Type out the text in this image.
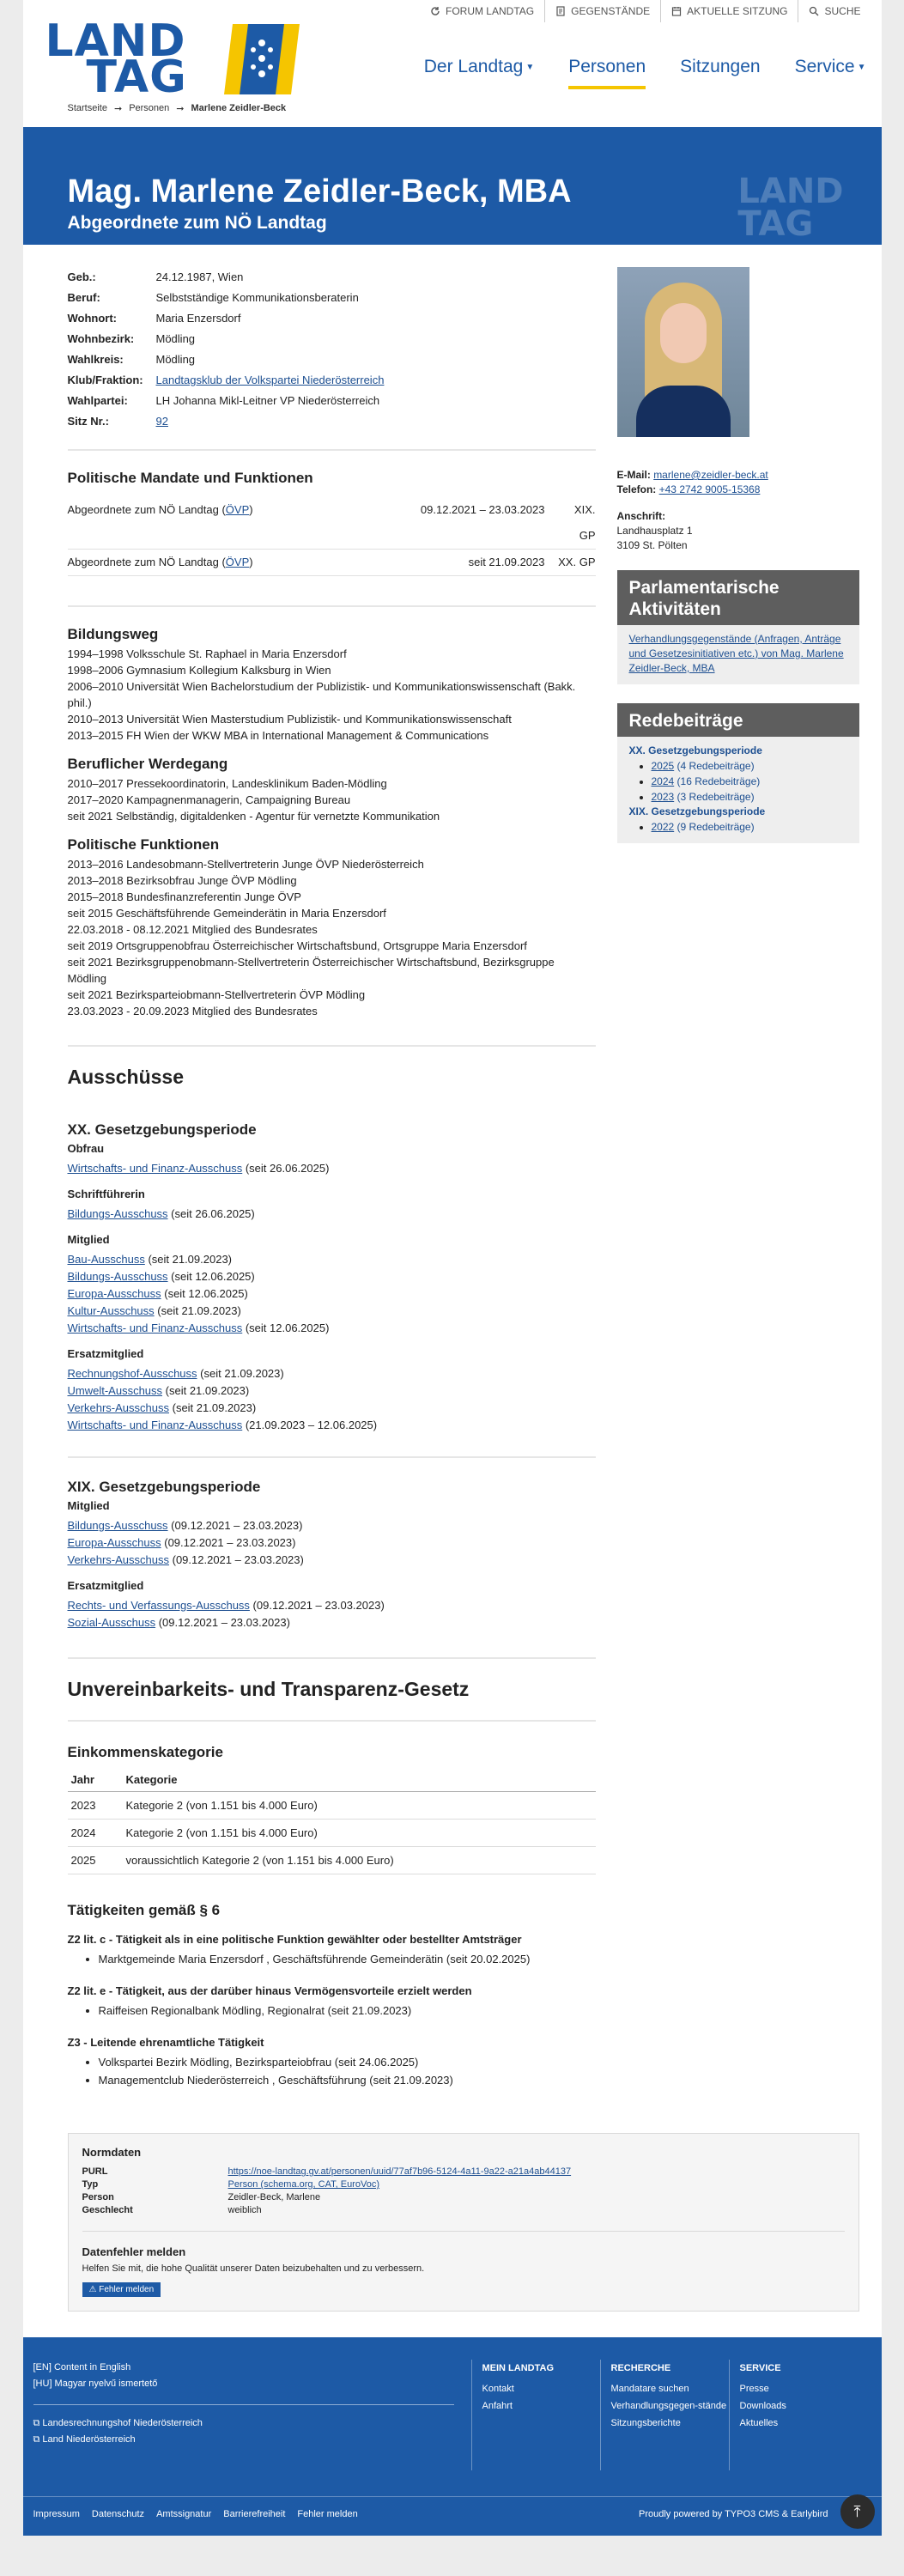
FORUM LANDTAG	GEGENSTÄNDE	AKTUELLE SITZUNG	SUCHE
LAND
TAG	Der Landtag ▼ Personen Sitzungen Service ▼
Startseite ➞ Personen ➞ Marlene Zeidler-Beck
Mag. Marlene Zeidler-Beck, MBA
Abgeordnete zum NÖ Landtag
LAND
TAG
Geb.:	24.12.1987, Wien
Beruf:	Selbstständige Kommunikationsberaterin
Wohnort:	Maria Enzersdorf
Wohnbezirk:	Mödling
Wahlkreis:	Mödling
Klub/Fraktion:	Landtagsklub der Volkspartei Niederösterreich
Wahlpartei:	LH Johanna Mikl-Leitner VP Niederösterreich
Sitz Nr.:	92
Politische Mandate und Funktionen
Abgeordnete zum NÖ Landtag (ÖVP)	09.12.2021 – 23.03.2023	XIX. GP
Abgeordnete zum NÖ Landtag (ÖVP)	seit 21.09.2023	XX. GP
Bildungsweg
1994–1998 Volksschule St. Raphael in Maria Enzersdorf
1998–2006 Gymnasium Kollegium Kalksburg in Wien
2006–2010 Universität Wien Bachelorstudium der Publizistik- und Kommunikationswissenschaft (Bakk. phil.)
2010–2013 Universität Wien Masterstudium Publizistik- und Kommunikationswissenschaft
2013–2015 FH Wien der WKW MBA in International Management & Communications
Beruflicher Werdegang
2010–2017 Pressekoordinatorin, Landesklinikum Baden-Mödling
2017–2020 Kampagnenmanagerin, Campaigning Bureau
seit 2021 Selbständig, digitaldenken - Agentur für vernetzte Kommunikation
Politische Funktionen
2013–2016 Landesobmann-Stellvertreterin Junge ÖVP Niederösterreich
2013–2018 Bezirksobfrau Junge ÖVP Mödling
2015–2018 Bundesfinanzreferentin Junge ÖVP
seit 2015 Geschäftsführende Gemeinderätin in Maria Enzersdorf
22.03.2018 - 08.12.2021 Mitglied des Bundesrates
seit 2019 Ortsgruppenobfrau Österreichischer Wirtschaftsbund, Ortsgruppe Maria Enzersdorf
seit 2021 Bezirksgruppenobmann-Stellvertreterin Österreichischer Wirtschaftsbund, Bezirksgruppe Mödling
seit 2021 Bezirksparteiobmann-Stellvertreterin ÖVP Mödling
23.03.2023 - 20.09.2023 Mitglied des Bundesrates
Ausschüsse
XX. Gesetzgebungsperiode
Obfrau
Wirtschafts- und Finanz-Ausschuss (seit 26.06.2025)
Schriftführerin
Bildungs-Ausschuss (seit 26.06.2025)
Mitglied
Bau-Ausschuss (seit 21.09.2023)
Bildungs-Ausschuss (seit 12.06.2025)
Europa-Ausschuss (seit 12.06.2025)
Kultur-Ausschuss (seit 21.09.2023)
Wirtschafts- und Finanz-Ausschuss (seit 12.06.2025)
Ersatzmitglied
Rechnungshof-Ausschuss (seit 21.09.2023)
Umwelt-Ausschuss (seit 21.09.2023)
Verkehrs-Ausschuss (seit 21.09.2023)
Wirtschafts- und Finanz-Ausschuss (21.09.2023 – 12.06.2025)
XIX. Gesetzgebungsperiode
Mitglied
Bildungs-Ausschuss (09.12.2021 – 23.03.2023)
Europa-Ausschuss (09.12.2021 – 23.03.2023)
Verkehrs-Ausschuss (09.12.2021 – 23.03.2023)
Ersatzmitglied
Rechts- und Verfassungs-Ausschuss (09.12.2021 – 23.03.2023)
Sozial-Ausschuss (09.12.2021 – 23.03.2023)
Unvereinbarkeits- und Transparenz-Gesetz
Einkommenskategorie
Jahr	Kategorie
2023	Kategorie 2 (von 1.151 bis 4.000 Euro)
2024	Kategorie 2 (von 1.151 bis 4.000 Euro)
2025	voraussichtlich Kategorie 2 (von 1.151 bis 4.000 Euro)
Tätigkeiten gemäß § 6
Z2 lit. c - Tätigkeit als in eine politische Funktion gewählter oder bestellter Amtsträger
• Marktgemeinde Maria Enzersdorf , Geschäftsführende Gemeinderätin (seit 20.02.2025)
Z2 lit. e - Tätigkeit, aus der darüber hinaus Vermögensvorteile erzielt werden
• Raiffeisen Regionalbank Mödling, Regionalrat (seit 21.09.2023)
Z3 - Leitende ehrenamtliche Tätigkeit
• Volkspartei Bezirk Mödling, Bezirksparteiobfrau (seit 24.06.2025)
• Managementclub Niederösterreich , Geschäftsführung (seit 21.09.2023)
E-Mail: marlene@zeidler-beck.at
Telefon: +43 2742 9005-15368
Anschrift:
Landhausplatz 1
3109 St. Pölten
Parlamentarische Aktivitäten
Verhandlungsgegenstände (Anfragen, Anträge und Gesetzesinitiativen etc.) von Mag. Marlene Zeidler-Beck, MBA
Redebeiträge
XX. Gesetzgebungsperiode
• 2025 (4 Redebeiträge)
• 2024 (16 Redebeiträge)
• 2023 (3 Redebeiträge)
XIX. Gesetzgebungsperiode
• 2022 (9 Redebeiträge)
Normdaten
PURL	https://noe-landtag.gv.at/personen/uuid/77af7b96-5124-4a11-9a22-a21a4ab44137
Typ	Person (schema.org, CAT, EuroVoc)
Person	Zeidler-Beck, Marlene
Geschlecht	weiblich
Datenfehler melden

Helfen Sie mit, die hohe Qualität unserer Daten beizubehalten und zu verbessern.

⚠ Fehler melden
[EN] Content in English
[HU] Magyar nyelvű ismertető
⧉ Landesrechnungshof Niederösterreich
⧉ Land Niederösterreich
MEIN LANDTAG
Kontakt
Anfahrt
RECHERCHE
Mandatare suchen
Verhandlungsgegen-stände
Sitzungsberichte
SERVICE
Presse
Downloads
Aktuelles
Impressum Datenschutz Amtssignatur Barrierefreiheit Fehler melden	Proudly powered by TYPO3 CMS & Earlybird	⤒
